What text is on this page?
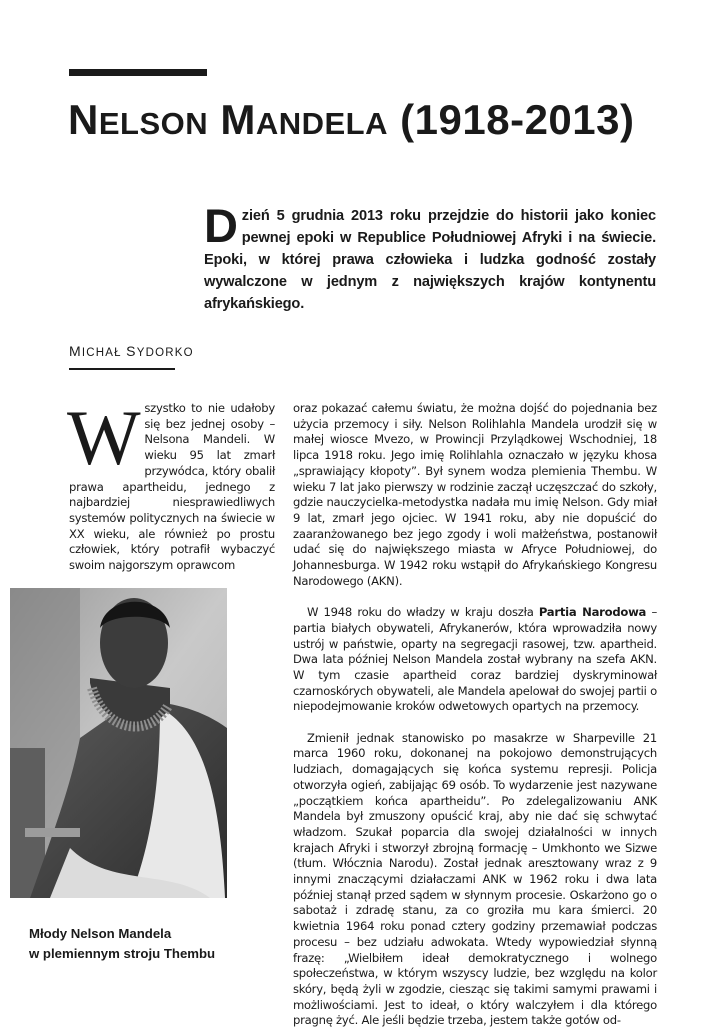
NELSON MANDELA (1918-2013)

Dzień 5 grudnia 2013 roku przejdzie do historii jako koniec pewnej epoki w Republice Południowej Afryki i na świecie. Epoki, w której prawa człowieka i ludzka godność zostały wywalczone w jednym z największych krajów kontynentu afrykańskiego.

MICHAŁ SYDORKO

Wszystko to nie udałoby się bez jednej osoby – Nelsona Mandeli. W wieku 95 lat zmarł przywódca, który obalił prawa apartheidu, jednego z najbardziej niesprawiedliwych systemów politycznych na świecie w XX wieku, ale również po prostu człowiek, który potrafił wybaczyć swoim najgorszym oprawcom

Młody Nelson Mandela
w plemiennym stroju Thembu

oraz pokazać całemu światu, że można dojść do pojednania bez użycia przemocy i siły. Nelson Rolihlahla Mandela urodził się w małej wiosce Mvezo, w Prowincji Przylądkowej Wschodniej, 18 lipca 1918 roku. Jego imię Rolihlahla oznaczało w języku khosa „sprawiający kłopoty”. Był synem wodza plemienia Thembu. W wieku 7 lat jako pierwszy w rodzinie zaczął uczęszczać do szkoły, gdzie nauczycielka-metodystka nadała mu imię Nelson. Gdy miał 9 lat, zmarł jego ojciec. W 1941 roku, aby nie dopuścić do zaaranżowanego bez jego zgody i woli małżeństwa, postanowił udać się do największego miasta w Afryce Południowej, do Johannesburga. W 1942 roku wstąpił do Afrykańskiego Kongresu Narodowego (AKN).

W 1948 roku do władzy w kraju doszła Partia Narodowa – partia białych obywateli, Afrykanerów, która wprowadziła nowy ustrój w państwie, oparty na segregacji rasowej, tzw. apartheid. Dwa lata później Nelson Mandela został wybrany na szefa AKN. W tym czasie apartheid coraz bardziej dyskryminował czarnoskórych obywateli, ale Mandela apelował do swojej partii o niepodejmowanie kroków odwetowych opartych na przemocy.

Zmienił jednak stanowisko po masakrze w Sharpeville 21 marca 1960 roku, dokonanej na pokojowo demonstrujących ludziach, domagających się końca systemu represji. Policja otworzyła ogień, zabijając 69 osób. To wydarzenie jest nazywane „początkiem końca apartheidu”. Po zdelegalizowaniu ANK Mandela był zmuszony opuścić kraj, aby nie dać się schwytać władzom. Szukał poparcia dla swojej działalności w innych krajach Afryki i stworzył zbrojną formację – Umkhonto we Sizwe (tłum. Włócznia Narodu). Został jednak aresztowany wraz z 9 innymi znaczącymi działaczami ANK w 1962 roku i dwa lata później stanął przed sądem w słynnym procesie. Oskarżono go o sabotaż i zdradę stanu, za co groziła mu kara śmierci. 20 kwietnia 1964 roku ponad cztery godziny przemawiał podczas procesu – bez udziału adwokata. Wtedy wypowiedział słynną frazę: „Wielbiłem ideał demokratycznego i wolnego społeczeństwa, w którym wszyscy ludzie, bez względu na kolor skóry, będą żyli w zgodzie, ciesząc się takimi samymi prawami i możliwościami. Jest to ideał, o który walczyłem i dla którego pragnę żyć. Ale jeśli będzie trzeba, jestem także gotów od-
